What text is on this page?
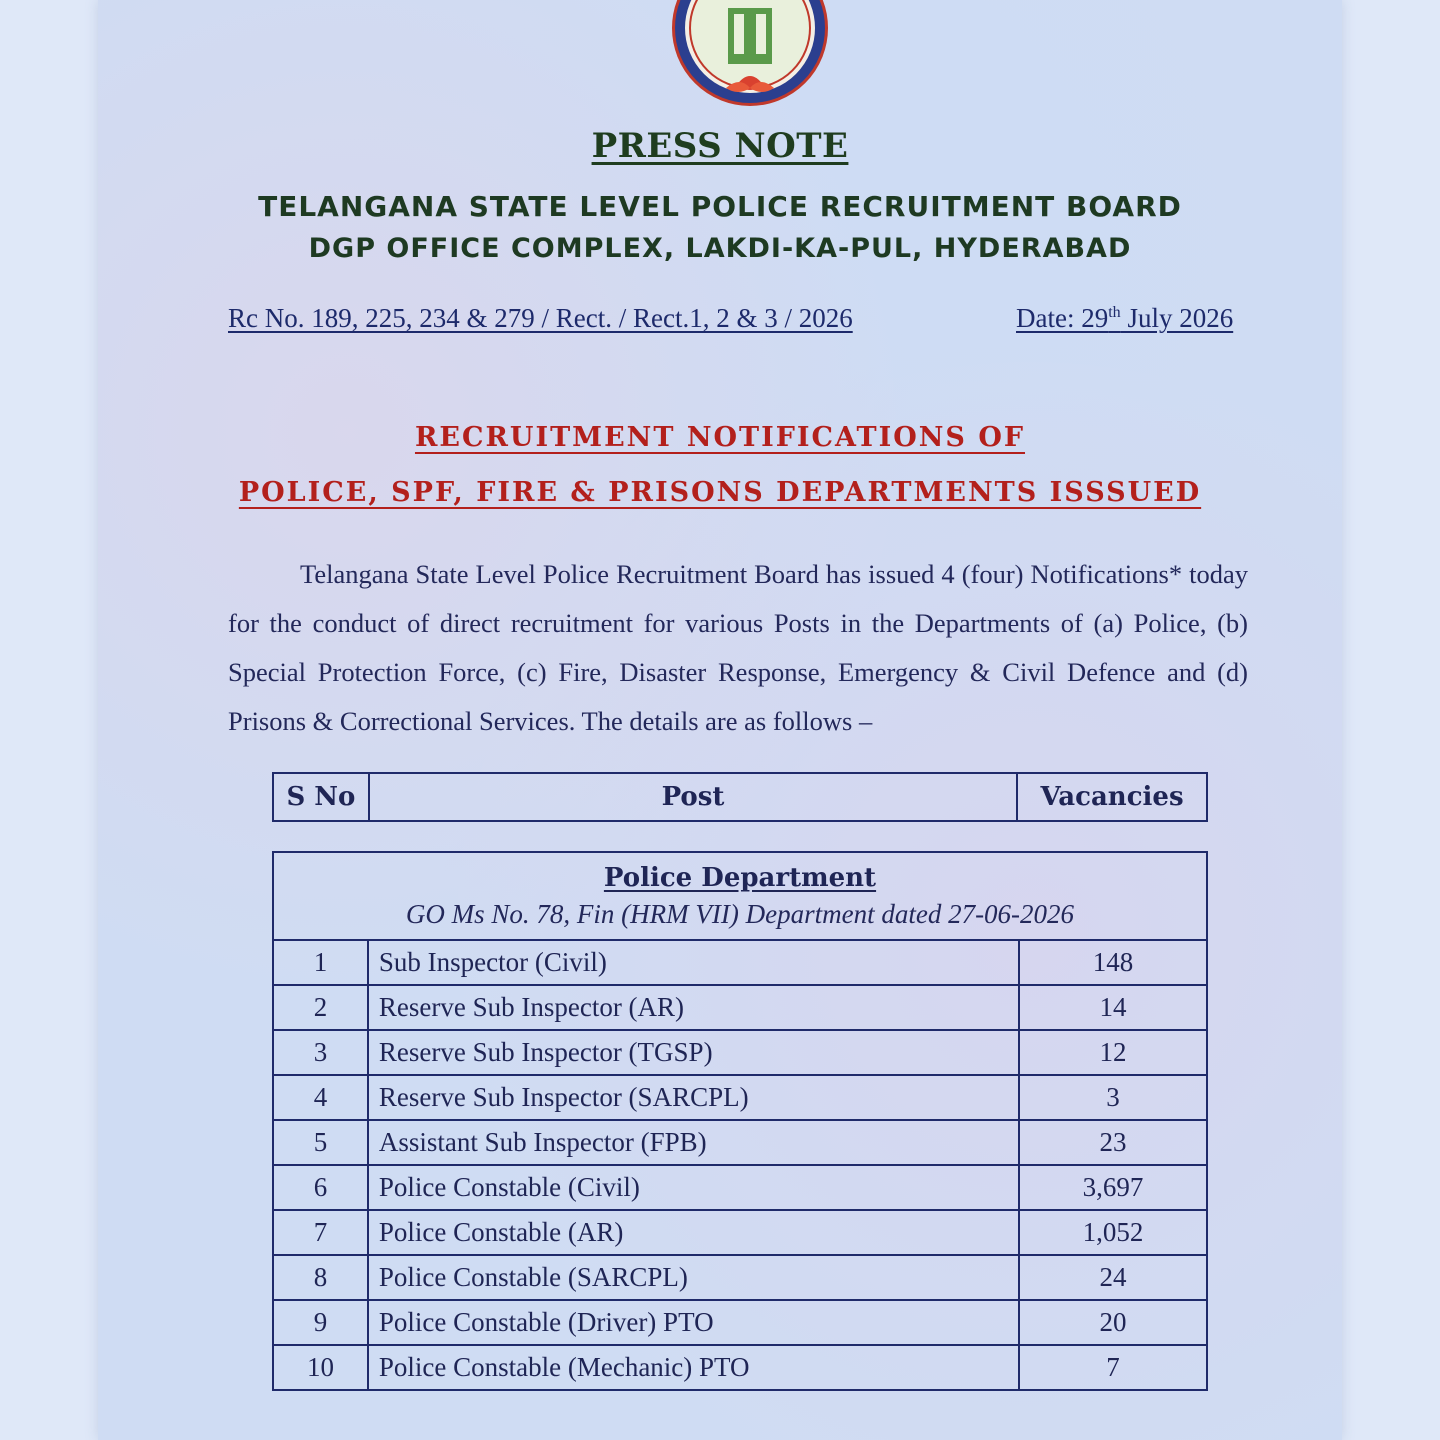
PRESS NOTE
TELANGANA STATE LEVEL POLICE RECRUITMENT BOARD
DGP OFFICE COMPLEX, LAKDI-KA-PUL, HYDERABAD
Rc No. 189, 225, 234 & 279 / Rect. / Rect.1, 2 & 3 / 2026	Date: 29th July 2026
RECRUITMENT NOTIFICATIONS OF
POLICE, SPF, FIRE & PRISONS DEPARTMENTS ISSSUED
Telangana State Level Police Recruitment Board has issued 4 (four) Notifications* today for the conduct of direct recruitment for various Posts in the Departments of (a) Police, (b) Special Protection Force, (c) Fire, Disaster Response, Emergency & Civil Defence and (d) Prisons & Correctional Services. The details are as follows –
S No	Post	Vacancies
Police Department
GO Ms No. 78, Fin (HRM VII) Department dated 27-06-2026		

1	Sub Inspector (Civil)	148
2	Reserve Sub Inspector (AR)	14
3	Reserve Sub Inspector (TGSP)	12
4	Reserve Sub Inspector (SARCPL)	3
5	Assistant Sub Inspector (FPB)	23
6	Police Constable (Civil)	3,697
7	Police Constable (AR)	1,052
8	Police Constable (SARCPL)	24
9	Police Constable (Driver) PTO	20
10	Police Constable (Mechanic) PTO	7
